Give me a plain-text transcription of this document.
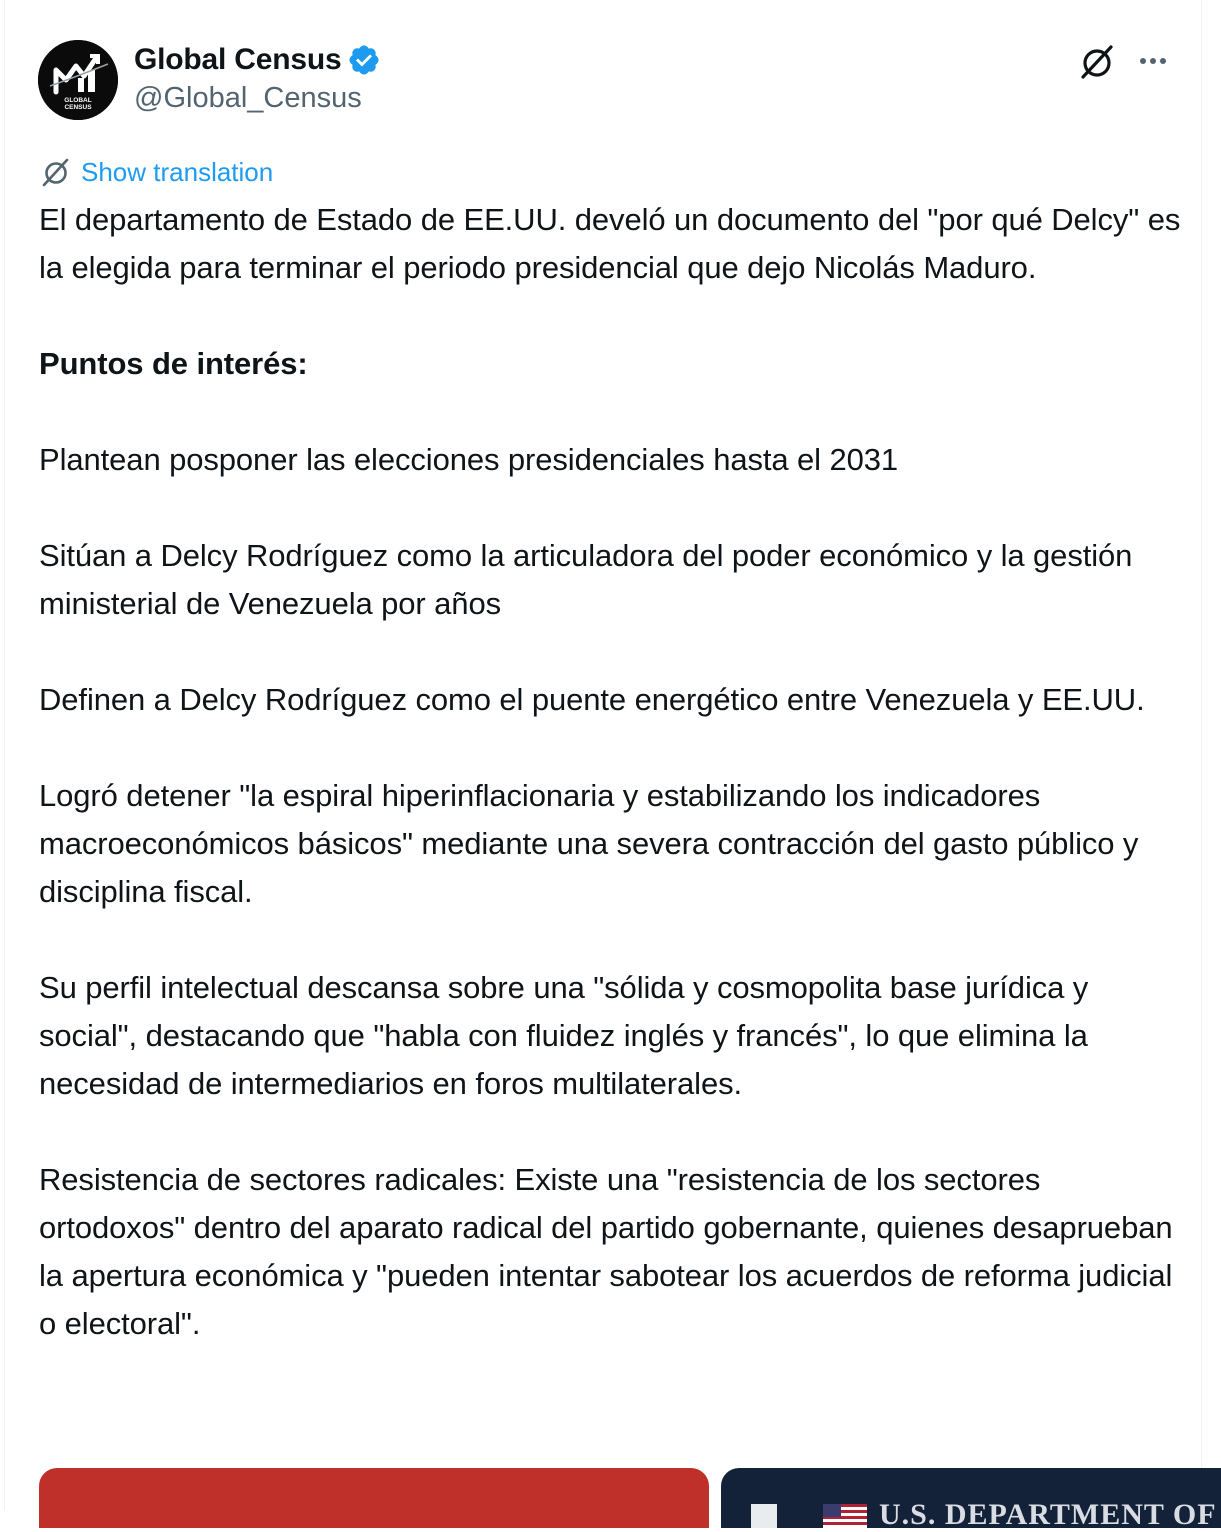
GLOBAL
CENSUS
Global Census
@Global_Census
Show translation

El departamento de Estado de EE.UU. develó un documento del "por qué Delcy" es la elegida para terminar el periodo presidencial que dejo Nicolás Maduro.

Puntos de interés:

Plantean posponer las elecciones presidenciales hasta el 2031

Sitúan a Delcy Rodríguez como la articuladora del poder económico y la gestión ministerial de Venezuela por años

Definen a Delcy Rodríguez como el puente energético entre Venezuela y EE.UU.

Logró detener "la espiral hiperinflacionaria y estabilizando los indicadores macroeconómicos básicos" mediante una severa contracción del gasto público y disciplina fiscal.

Su perfil intelectual descansa sobre una "sólida y cosmopolita base jurídica y social", destacando que "habla con fluidez inglés y francés", lo que elimina la necesidad de intermediarios en foros multilaterales.

Resistencia de sectores radicales: Existe una "resistencia de los sectores ortodoxos" dentro del aparato radical del partido gobernante, quienes desaprueban la apertura económica y "pueden intentar sabotear los acuerdos de reforma judicial o electoral".

U.S. DEPARTMENT OF
